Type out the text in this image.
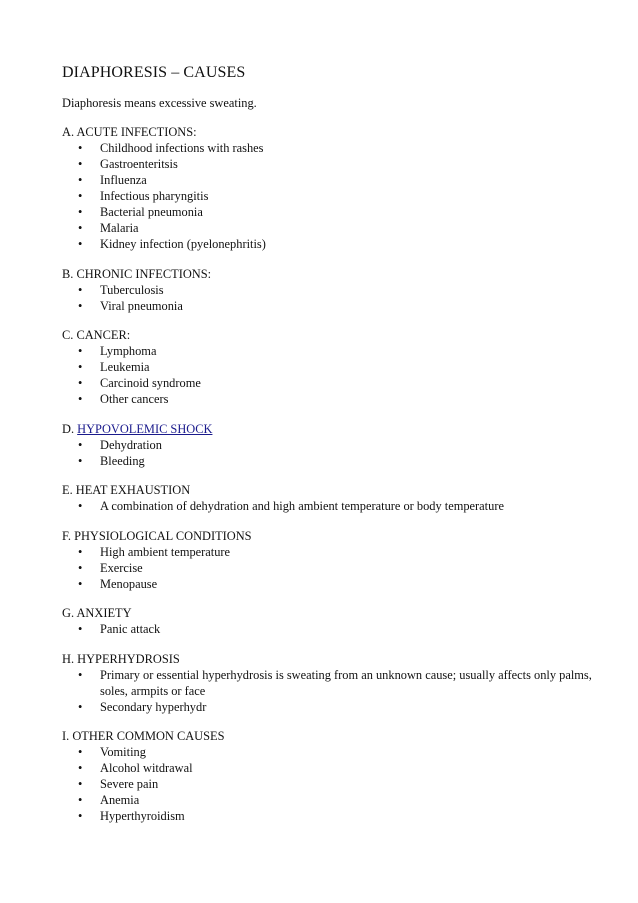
DIAPHORESIS – CAUSES

Diaphoresis means excessive sweating.

A. ACUTE INFECTIONS:
• Childhood infections with rashes
• Gastroenteritsis
• Influenza
• Infectious pharyngitis
• Bacterial pneumonia
• Malaria
• Kidney infection (pyelonephritis)
B. CHRONIC INFECTIONS:
• Tuberculosis
• Viral pneumonia
C. CANCER:
• Lymphoma
• Leukemia
• Carcinoid syndrome
• Other cancers
D. HYPOVOLEMIC SHOCK
• Dehydration
• Bleeding
E. HEAT EXHAUSTION
• A combination of dehydration and high ambient temperature or body temperature
F. PHYSIOLOGICAL CONDITIONS
• High ambient temperature
• Exercise
• Menopause
G. ANXIETY
• Panic attack
H. HYPERHYDROSIS
• Primary or essential hyperhydrosis is sweating from an unknown cause; usually affects only palms, soles, armpits or face
• Secondary hyperhydr
I. OTHER COMMON CAUSES
• Vomiting
• Alcohol witdrawal
• Severe pain
• Anemia
• Hyperthyroidism
